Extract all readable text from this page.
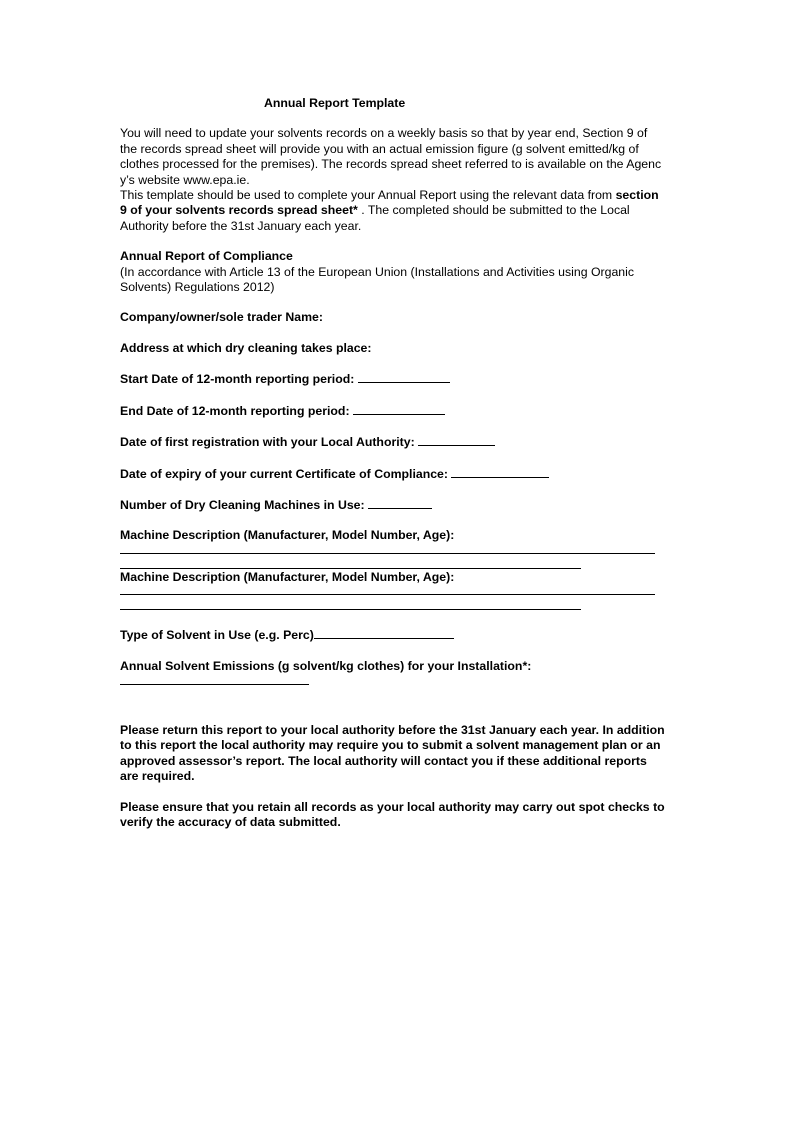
Annual Report Template

You will need to update your solvents records on a weekly basis so that by year end, Section 9 of the records spread sheet will provide you with an actual emission figure (g solvent emitted/kg of clothes processed for the premises). The records spread sheet referred to is available on the Agenc y’s website www.epa.ie.

This template should be used to complete your Annual Report using the relevant data from section 9 of your solvents records spread sheet* . The completed should be submitted to the Local Authority before the 31st January each year.

Annual Report of Compliance

(In accordance with Article 13 of the European Union (Installations and Activities using Organic Solvents) Regulations 2012)

Company/owner/sole trader Name:

Address at which dry cleaning takes place:

Start Date of 12-month reporting period:

End Date of 12-month reporting period:

Date of first registration with your Local Authority:

Date of expiry of your current Certificate of Compliance:

Number of Dry Cleaning Machines in Use:

Machine Description (Manufacturer, Model Number, Age):

Machine Description (Manufacturer, Model Number, Age):

Type of Solvent in Use (e.g. Perc)

Annual Solvent Emissions (g solvent/kg clothes) for your Installation*:

Please return this report to your local authority before the 31st January each year. In addition to this report the local authority may require you to submit a solvent management plan or an approved assessor’s report. The local authority will contact you if these additional reports are required.

Please ensure that you retain all records as your local authority may carry out spot checks to verify the accuracy of data submitted.
